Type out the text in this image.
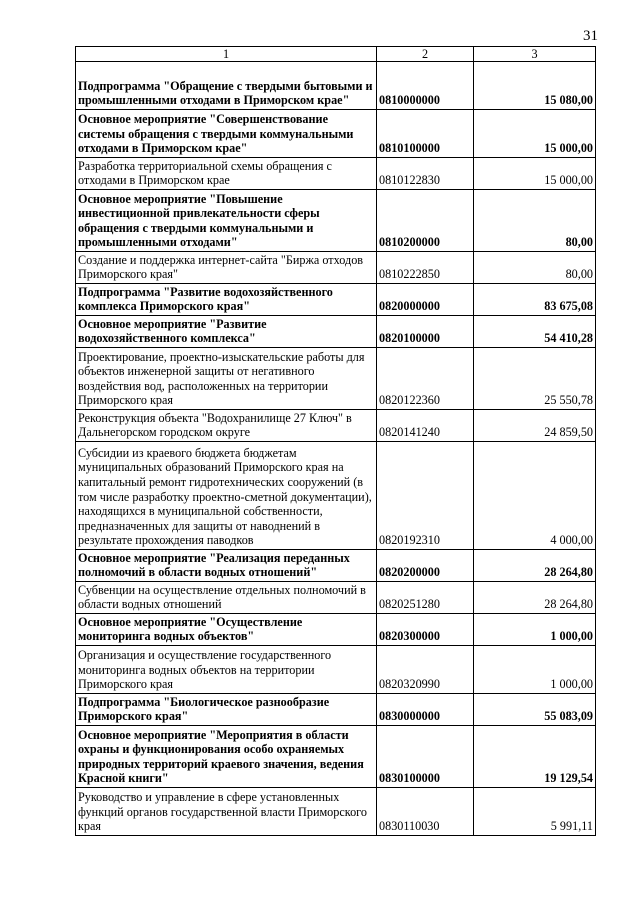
31
1	2	3
Подпрограмма "Обращение с твердыми бытовыми и промышленными отходами в Приморском крае"	0810000000	15 080,00
Основное мероприятие "Совершенствование системы обращения с твердыми коммунальными отходами в Приморском крае"	0810100000	15 000,00
Разработка территориальной схемы обращения с отходами в Приморском крае	0810122830	15 000,00
Основное мероприятие "Повышение инвестиционной привлекательности сферы обращения с твердыми коммунальными и промышленными отходами"	0810200000	80,00
Создание и поддержка интернет-сайта "Биржа отходов Приморского края"	0810222850	80,00
Подпрограмма "Развитие водохозяйственного комплекса Приморского края"	0820000000	83 675,08
Основное мероприятие "Развитие водохозяйственного комплекса"	0820100000	54 410,28
Проектирование, проектно-изыскательские работы для объектов инженерной защиты от негативного воздействия вод, расположенных на территории Приморского края	0820122360	25 550,78
Реконструкция объекта "Водохранилище 27 Ключ" в Дальнегорском городском округе	0820141240	24 859,50
Субсидии из краевого бюджета бюджетам муниципальных образований Приморского края на капитальный ремонт гидротехнических сооружений (в том числе разработку проектно-сметной документации), находящихся в муниципальной собственности, предназначенных для защиты от наводнений в результате прохождения паводков	0820192310	4 000,00
Основное мероприятие "Реализация переданных полномочий в области водных отношений"	0820200000	28 264,80
Субвенции на осуществление отдельных полномочий в области водных отношений	0820251280	28 264,80
Основное мероприятие "Осуществление мониторинга водных объектов"	0820300000	1 000,00
Организация и осуществление государственного мониторинга водных объектов на территории Приморского края	0820320990	1 000,00
Подпрограмма "Биологическое разнообразие Приморского края"	0830000000	55 083,09
Основное мероприятие "Мероприятия в области охраны и функционирования особо охраняемых природных территорий краевого значения, ведения Красной книги"	0830100000	19 129,54
Руководство и управление в сфере установленных функций органов государственной власти Приморского края	0830110030	5 991,11
